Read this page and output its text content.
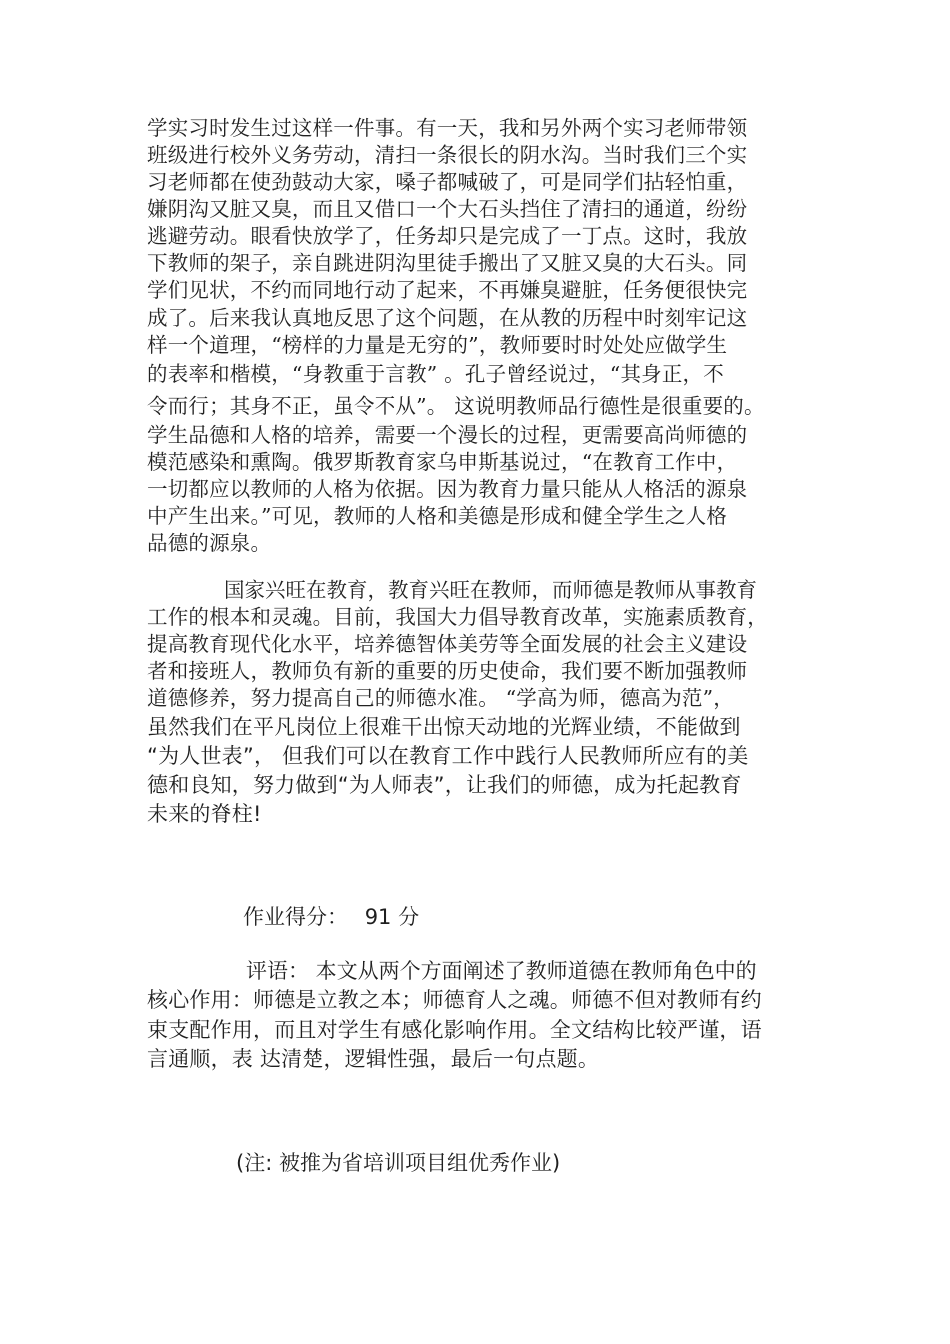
学实习时发生过这样一件事。有一天，我和另外两个实习老师带领
班级进行校外义务劳动，清扫一条很长的阴水沟。当时我们三个实
习老师都在使劲鼓动大家，嗓子都喊破了，可是同学们拈轻怕重，
嫌阴沟又脏又臭，而且又借口一个大石头挡住了清扫的通道，纷纷
逃避劳动。眼看快放学了，任务却只是完成了一丁点。这时，我放
下教师的架子，亲自跳进阴沟里徒手搬出了又脏又臭的大石头。同
学们见状，不约而同地行动了起来，不再嫌臭避脏，任务便很快完
成了。后来我认真地反思了这个问题，在从教的历程中时刻牢记这
样一个道理，“榜样的力量是无穷的”，教师要时时处处应做学生
的表率和楷模，“身教重于言教” 。孔子曾经说过，“其身正，不
令而行；其身不正，虽令不从”。 这说明教师品行德性是很重要的。
学生品德和人格的培养，需要一个漫长的过程，更需要高尚师德的
模范感染和熏陶。俄罗斯教育家乌申斯基说过，“在教育工作中，
一切都应以教师的人格为依据。因为教育力量只能从人格活的源泉
中产生出来。”可见，教师的人格和美德是形成和健全学生之人格
品德的源泉。
国家兴旺在教育，教育兴旺在教师，而师德是教师从事教育
工作的根本和灵魂。目前，我国大力倡导教育改革，实施素质教育，
提高教育现代化水平，培养德智体美劳等全面发展的社会主义建设
者和接班人，教师负有新的重要的历史使命，我们要不断加强教师
道德修养，努力提高自己的师德水准。 “学高为师，德高为范”，
虽然我们在平凡岗位上很难干出惊天动地的光辉业绩，不能做到
“为人世表”， 但我们可以在教育工作中践行人民教师所应有的美
德和良知，努力做到“为人师表”，让我们的师德，成为托起教育
未来的脊柱!
作业得分： 91 分
评语： 本文从两个方面阐述了教师道德在教师角色中的
核心作用：师德是立教之本；师德育人之魂。师德不但对教师有约
束支配作用，而且对学生有感化影响作用。全文结构比较严谨，语
言通顺，表 达清楚，逻辑性强，最后一句点题。
(注: 被推为省培训项目组优秀作业)
